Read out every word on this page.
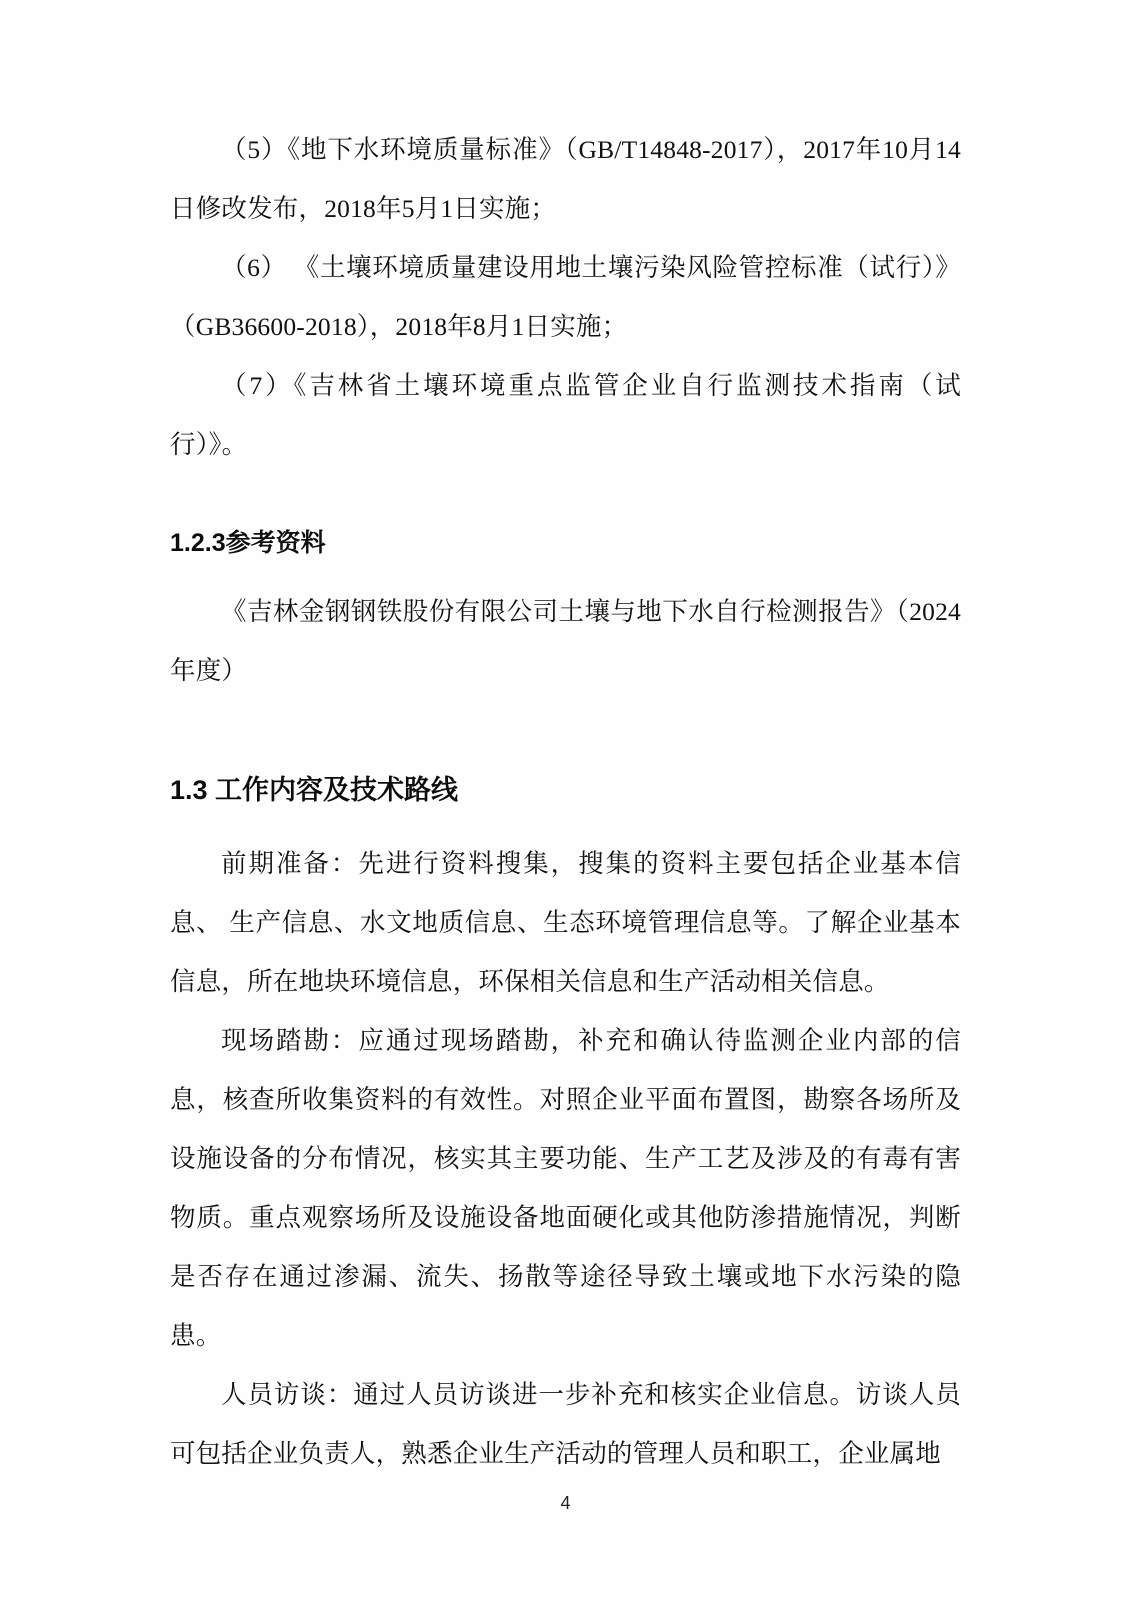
（5）《地下水环境质量标准》（GB/T14848-2017），2017年10月14日修改发布，2018年5月1日实施；

（6） 《土壤环境质量建设用地土壤污染风险管控标准（试行）》 （GB36600-2018），2018年8月1日实施；

（7）《吉林省土壤环境重点监管企业自行监测技术指南（试行）》。

1.2.3参考资料

《吉林金钢钢铁股份有限公司土壤与地下水自行检测报告》（2024年度）

1.3 工作内容及技术路线

前期准备：先进行资料搜集，搜集的资料主要包括企业基本信息、 生产信息、水文地质信息、生态环境管理信息等。了解企业基本信息，所在地块环境信息，环保相关信息和生产活动相关信息。

现场踏勘：应通过现场踏勘，补充和确认待监测企业内部的信息，核查所收集资料的有效性。对照企业平面布置图，勘察各场所及设施设备的分布情况，核实其主要功能、生产工艺及涉及的有毒有害物质。重点观察场所及设施设备地面硬化或其他防渗措施情况，判断是否存在通过渗漏、流失、扬散等途径导致土壤或地下水污染的隐患。

人员访谈：通过人员访谈进一步补充和核实企业信息。访谈人员可包括企业负责人，熟悉企业生产活动的管理人员和职工，企业属地

4
